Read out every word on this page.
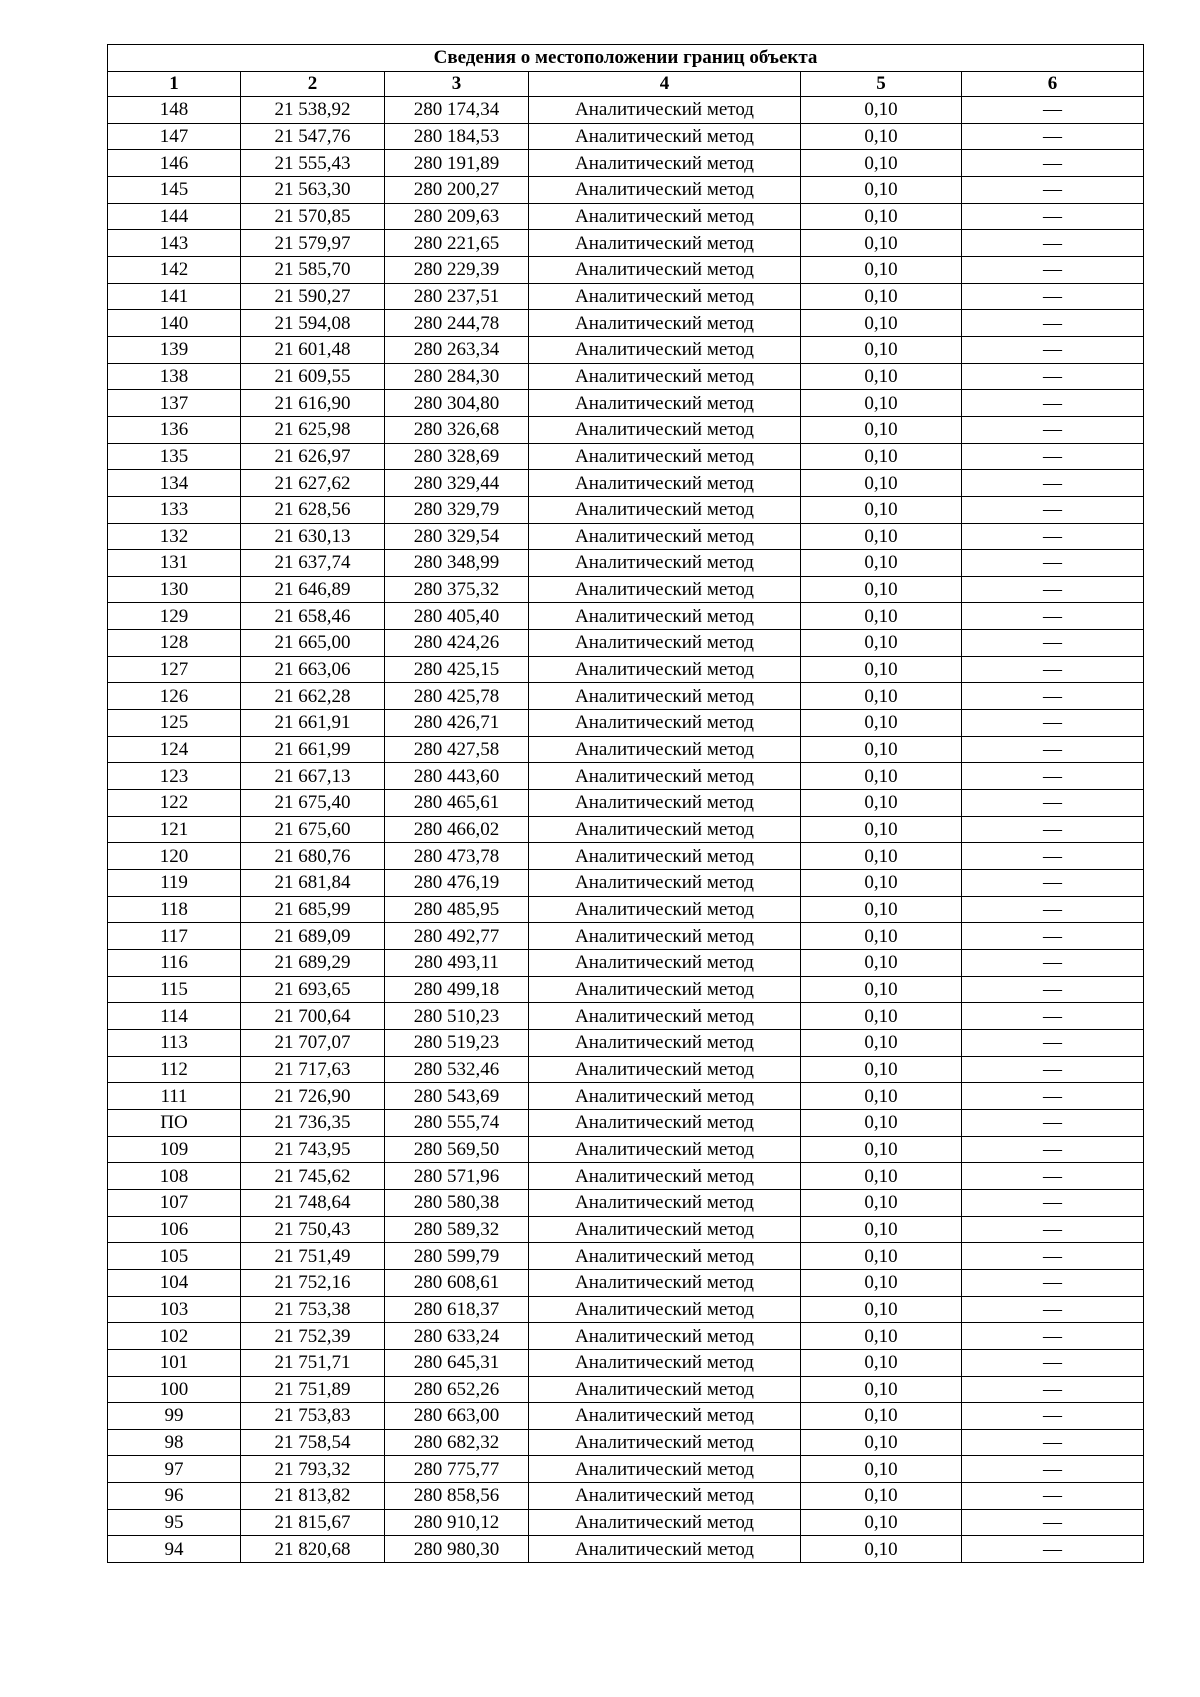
Сведения о местоположении границ объекта					
1	2	3	4	5	6
148	21 538,92	280 174,34	Аналитический метод	0,10	—
147	21 547,76	280 184,53	Аналитический метод	0,10	—
146	21 555,43	280 191,89	Аналитический метод	0,10	—
145	21 563,30	280 200,27	Аналитический метод	0,10	—
144	21 570,85	280 209,63	Аналитический метод	0,10	—
143	21 579,97	280 221,65	Аналитический метод	0,10	—
142	21 585,70	280 229,39	Аналитический метод	0,10	—
141	21 590,27	280 237,51	Аналитический метод	0,10	—
140	21 594,08	280 244,78	Аналитический метод	0,10	—
139	21 601,48	280 263,34	Аналитический метод	0,10	—
138	21 609,55	280 284,30	Аналитический метод	0,10	—
137	21 616,90	280 304,80	Аналитический метод	0,10	—
136	21 625,98	280 326,68	Аналитический метод	0,10	—
135	21 626,97	280 328,69	Аналитический метод	0,10	—
134	21 627,62	280 329,44	Аналитический метод	0,10	—
133	21 628,56	280 329,79	Аналитический метод	0,10	—
132	21 630,13	280 329,54	Аналитический метод	0,10	—
131	21 637,74	280 348,99	Аналитический метод	0,10	—
130	21 646,89	280 375,32	Аналитический метод	0,10	—
129	21 658,46	280 405,40	Аналитический метод	0,10	—
128	21 665,00	280 424,26	Аналитический метод	0,10	—
127	21 663,06	280 425,15	Аналитический метод	0,10	—
126	21 662,28	280 425,78	Аналитический метод	0,10	—
125	21 661,91	280 426,71	Аналитический метод	0,10	—
124	21 661,99	280 427,58	Аналитический метод	0,10	—
123	21 667,13	280 443,60	Аналитический метод	0,10	—
122	21 675,40	280 465,61	Аналитический метод	0,10	—
121	21 675,60	280 466,02	Аналитический метод	0,10	—
120	21 680,76	280 473,78	Аналитический метод	0,10	—
119	21 681,84	280 476,19	Аналитический метод	0,10	—
118	21 685,99	280 485,95	Аналитический метод	0,10	—
117	21 689,09	280 492,77	Аналитический метод	0,10	—
116	21 689,29	280 493,11	Аналитический метод	0,10	—
115	21 693,65	280 499,18	Аналитический метод	0,10	—
114	21 700,64	280 510,23	Аналитический метод	0,10	—
113	21 707,07	280 519,23	Аналитический метод	0,10	—
112	21 717,63	280 532,46	Аналитический метод	0,10	—
111	21 726,90	280 543,69	Аналитический метод	0,10	—
ПО	21 736,35	280 555,74	Аналитический метод	0,10	—
109	21 743,95	280 569,50	Аналитический метод	0,10	—
108	21 745,62	280 571,96	Аналитический метод	0,10	—
107	21 748,64	280 580,38	Аналитический метод	0,10	—
106	21 750,43	280 589,32	Аналитический метод	0,10	—
105	21 751,49	280 599,79	Аналитический метод	0,10	—
104	21 752,16	280 608,61	Аналитический метод	0,10	—
103	21 753,38	280 618,37	Аналитический метод	0,10	—
102	21 752,39	280 633,24	Аналитический метод	0,10	—
101	21 751,71	280 645,31	Аналитический метод	0,10	—
100	21 751,89	280 652,26	Аналитический метод	0,10	—
99	21 753,83	280 663,00	Аналитический метод	0,10	—
98	21 758,54	280 682,32	Аналитический метод	0,10	—
97	21 793,32	280 775,77	Аналитический метод	0,10	—
96	21 813,82	280 858,56	Аналитический метод	0,10	—
95	21 815,67	280 910,12	Аналитический метод	0,10	—
94	21 820,68	280 980,30	Аналитический метод	0,10	—
